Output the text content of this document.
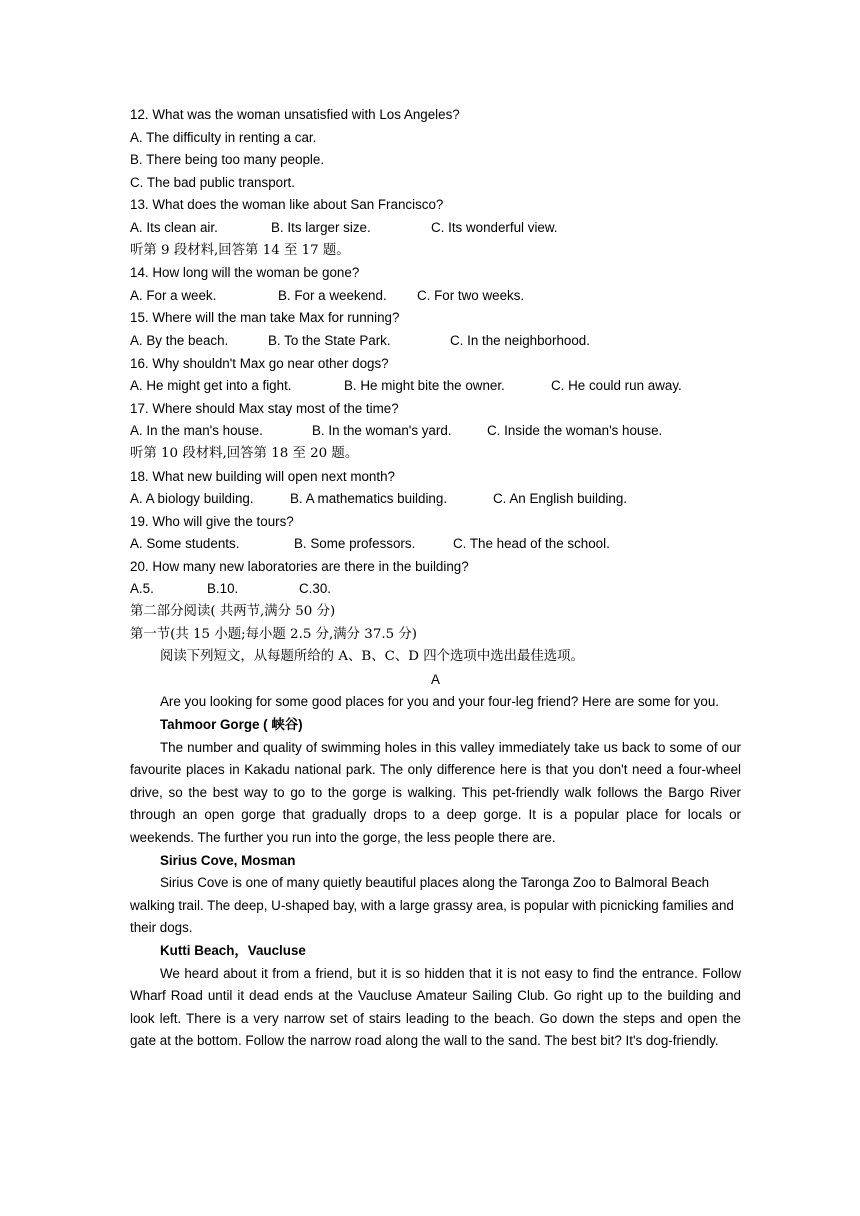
12. What was the woman unsatisfied with Los Angeles?
A. The difficulty in renting a car.
B. There being too many people.
C. The bad public transport.
13. What does the woman like about San Francisco?
A. Its clean air.	B. Its larger size.	C. Its wonderful view.
听第 9 段材料,回答第 14 至 17 题。
14. How long will the woman be gone?
A. For a week.	B. For a weekend.	C. For two weeks.
15. Where will the man take Max for running?
A. By the beach.	B. To the State Park.	C. In the neighborhood.
16. Why shouldn't Max go near other dogs?
A. He might get into a fight.	B. He might bite the owner.	C. He could run away.
17. Where should Max stay most of the time?
A. In the man's house.	B. In the woman's yard.	C. Inside the woman's house.
听第 10 段材料,回答第 18 至 20 题。
18. What new building will open next month?
A. A biology building.	B. A mathematics building.	C. An English building.
19. Who will give the tours?
A. Some students.	B. Some professors.	C. The head of the school.
20. How many new laboratories are there in the building?
A.5.	B.10.	C.30.
第二部分阅读( 共两节,满分 50 分)
第一节(共 15 小题;每小题 2.5 分,满分 37.5 分)
阅读下列短文，从每题所给的 A、B、C、D 四个选项中选出最佳选项。
A
Are you looking for some good places for you and your four-leg friend? Here are some for you.
Tahmoor Gorge ( 峡谷)
The number and quality of swimming holes in this valley immediately take us back to some of our favourite places in Kakadu national park. The only difference here is that you don't need a four-wheel drive, so the best way to go to the gorge is walking. This pet-friendly walk follows the Bargo River through an open gorge that gradually drops to a deep gorge. It is a popular place for locals or weekends. The further you run into the gorge, the less people there are.
Sirius Cove, Mosman
Sirius Cove is one of many quietly beautiful places along the Taronga Zoo to Balmoral Beach walking trail. The deep, U-shaped bay, with a large grassy area, is popular with picnicking families and their dogs.
Kutti Beach，Vaucluse
We heard about it from a friend, but it is so hidden that it is not easy to find the entrance. Follow Wharf Road until it dead ends at the Vaucluse Amateur Sailing Club. Go right up to the building and look left. There is a very narrow set of stairs leading to the beach. Go down the steps and open the gate at the bottom. Follow the narrow road along the wall to the sand. The best bit? It's dog-friendly.
